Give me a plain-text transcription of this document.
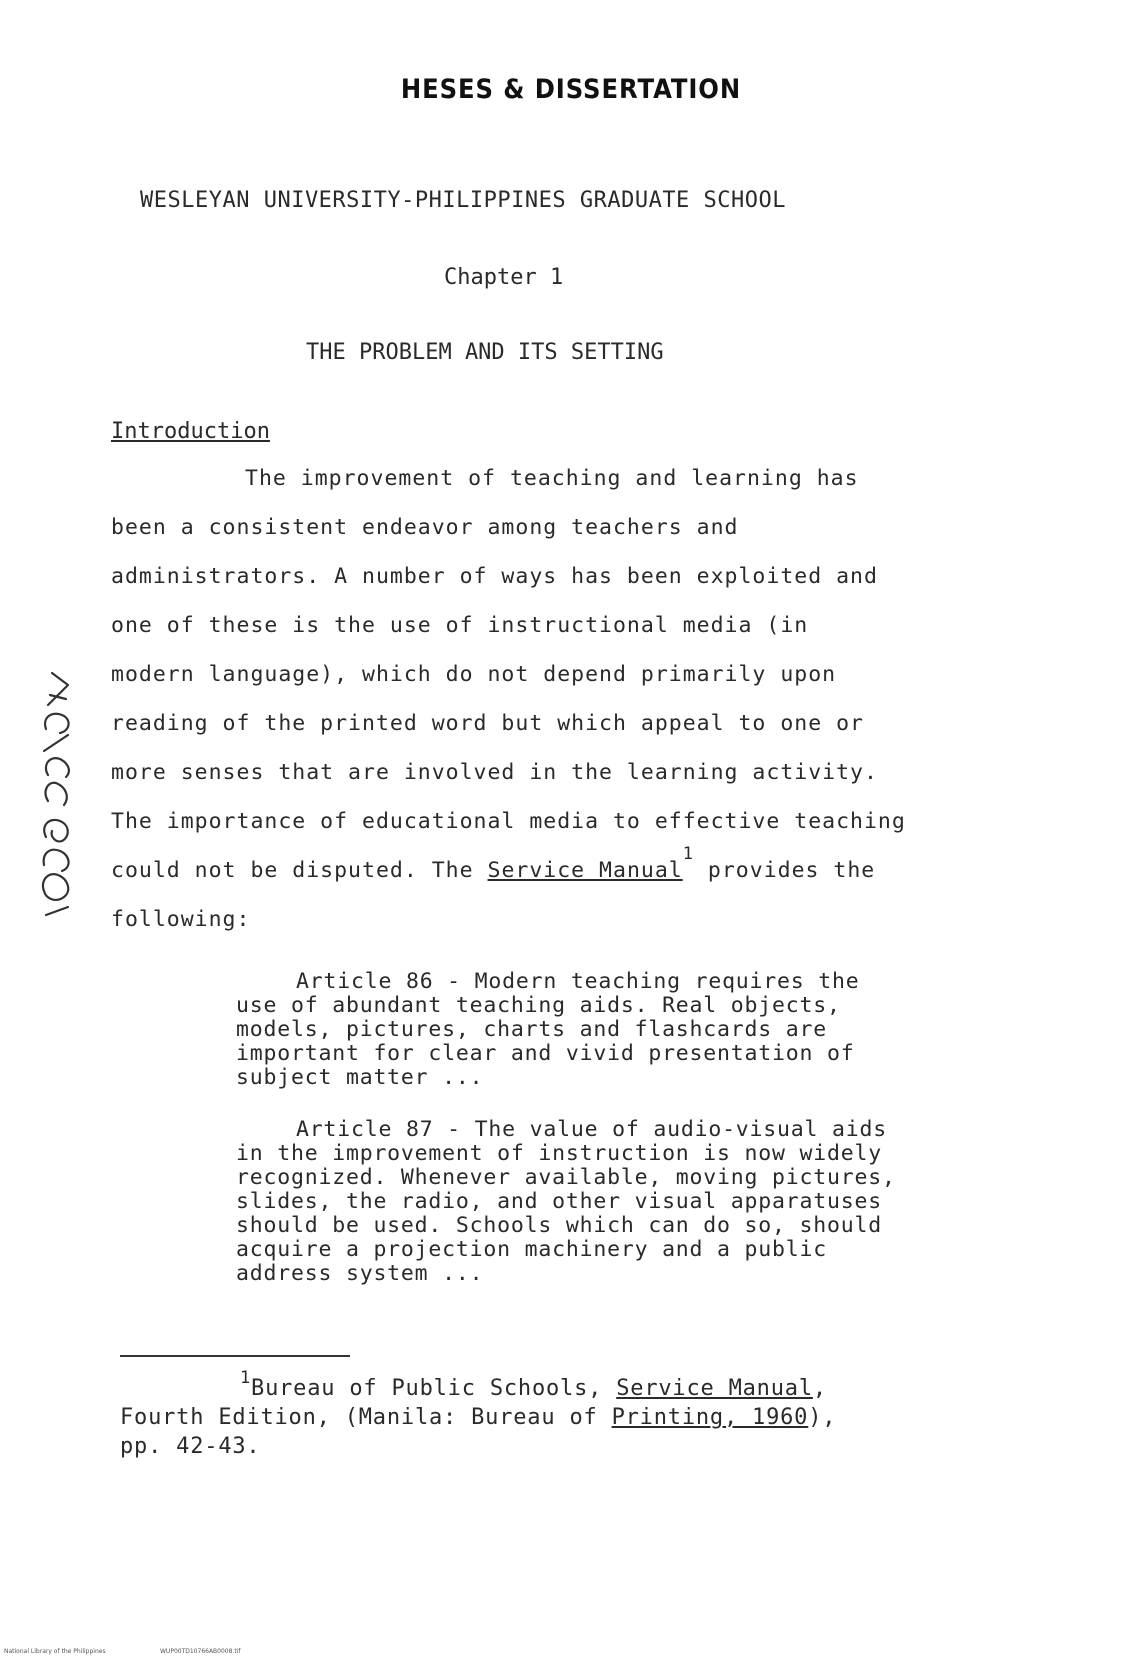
HESES & DISSERTATION
WESLEYAN UNIVERSITY-PHILIPPINES GRADUATE SCHOOL
Chapter 1
THE PROBLEM AND ITS SETTING
Introduction
The improvement of teaching and learning has
been a consistent endeavor among teachers and
administrators. A number of ways has been exploited and
one of these is the use of instructional media (in
modern language), which do not depend primarily upon
reading of the printed word but which appeal to one or
more senses that are involved in the learning activity.
The importance of educational media to effective teaching
could not be disputed. The Service Manual$^1$ provides the
following:
Article 86 - Modern teaching requires the
use of abundant teaching aids. Real objects,
models, pictures, charts and flashcards are
important for clear and vivid presentation of
subject matter ...
Article 87 - The value of audio-visual aids
in the improvement of instruction is now widely
recognized. Whenever available, moving pictures,
slides, the radio, and other visual apparatuses
should be used. Schools which can do so, should
acquire a projection machinery and a public
address system ...
$^1$Bureau of Public Schools, Service Manual,
Fourth Edition, (Manila: Bureau of Printing, 1960),
pp. 42-43.
National Library of the Philippines	WUP00TD10766AB0008.tif
